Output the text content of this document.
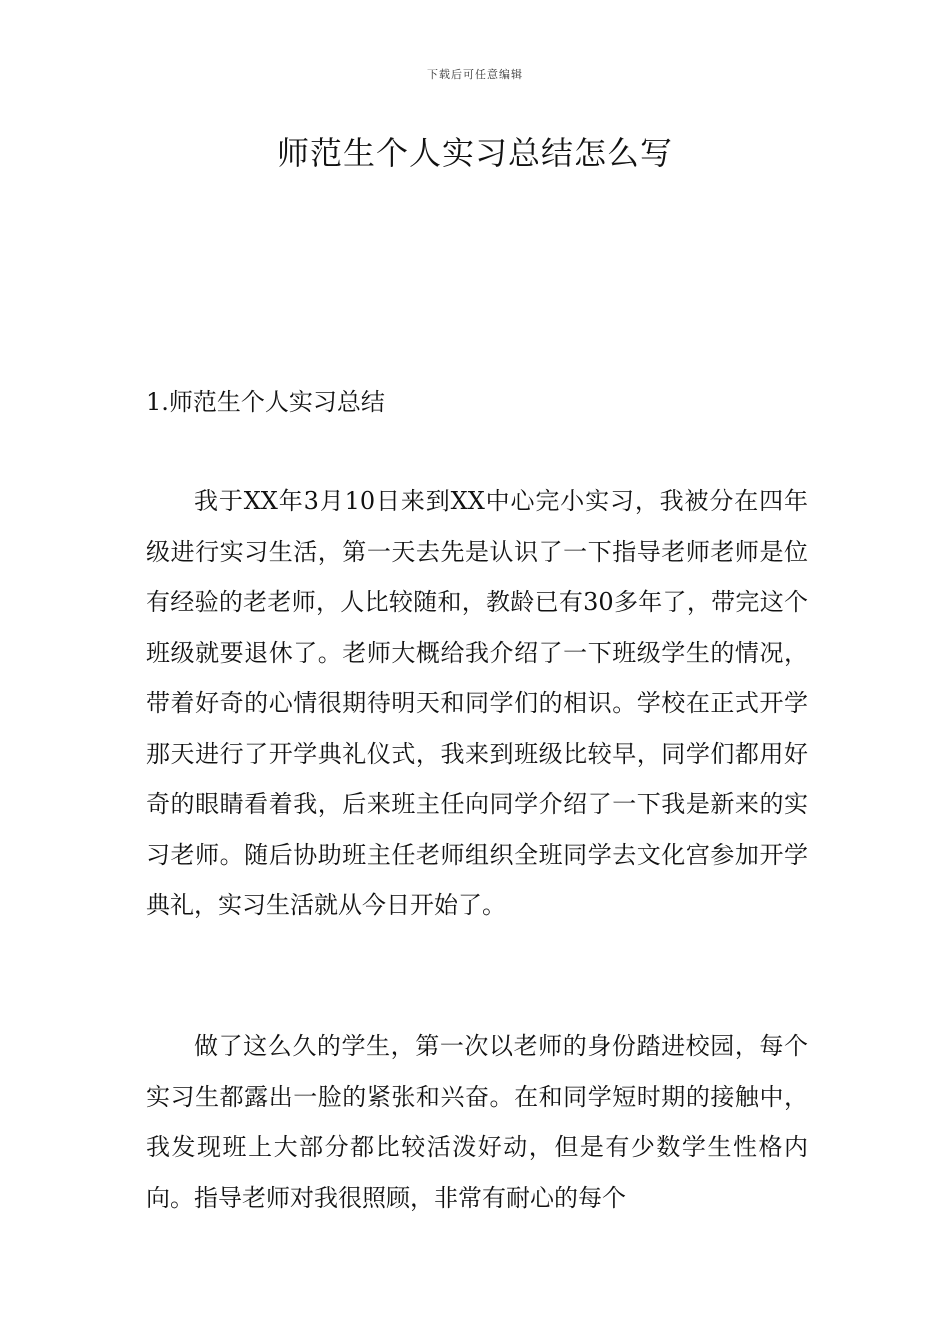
下载后可任意编辑
师范生个人实习总结怎么写
1.师范生个人实习总结

我于XX年3月10日来到XX中心完小实习，我被分在四年级进行实习生活，第一天去先是认识了一下指导老师老师是位有经验的老老师，人比较随和，教龄已有30多年了，带完这个班级就要退休了。老师大概给我介绍了一下班级学生的情况，带着好奇的心情很期待明天和同学们的相识。学校在正式开学那天进行了开学典礼仪式，我来到班级比较早，同学们都用好奇的眼睛看着我，后来班主任向同学介绍了一下我是新来的实习老师。随后协助班主任老师组织全班同学去文化宫参加开学典礼，实习生活就从今日开始了。

做了这么久的学生，第一次以老师的身份踏进校园，每个实习生都露出一脸的紧张和兴奋。在和同学短时期的接触中，我发现班上大部分都比较活泼好动，但是有少数学生性格内向。指导老师对我很照顾，非常有耐心的每个
